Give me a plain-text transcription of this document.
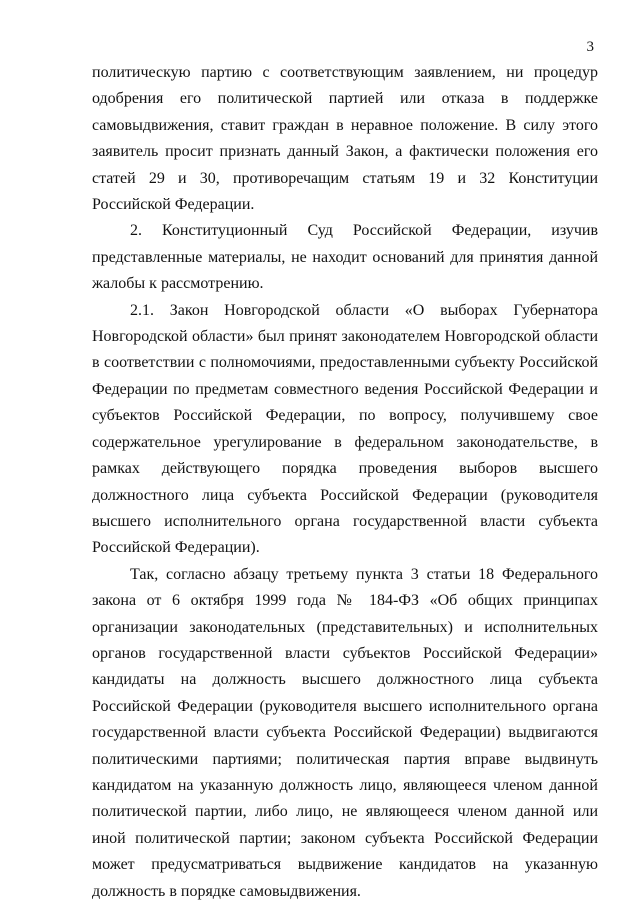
3

политическую партию с соответствующим заявлением, ни процедур одобрения его политической партией или отказа в поддержке самовыдвижения, ставит граждан в неравное положение. В силу этого заявитель просит признать данный Закон, а фактически положения его статей 29 и 30, противоречащим статьям 19 и 32 Конституции Российской Федерации.

2. Конституционный Суд Российской Федерации, изучив представленные материалы, не находит оснований для принятия данной жалобы к рассмотрению.

2.1. Закон Новгородской области «О выборах Губернатора Новгородской области» был принят законодателем Новгородской области в соответствии с полномочиями, предоставленными субъекту Российской Федерации по предметам совместного ведения Российской Федерации и субъектов Российской Федерации, по вопросу, получившему свое содержательное урегулирование в федеральном законодательстве, в рамках действующего порядка проведения выборов высшего должностного лица субъекта Российской Федерации (руководителя высшего исполнительного органа государственной власти субъекта Российской Федерации).

Так, согласно абзацу третьему пункта 3 статьи 18 Федерального закона от 6 октября 1999 года № 184-ФЗ «Об общих принципах организации законодательных (представительных) и исполнительных органов государственной власти субъектов Российской Федерации» кандидаты на должность высшего должностного лица субъекта Российской Федерации (руководителя высшего исполнительного органа государственной власти субъекта Российской Федерации) выдвигаются политическими партиями; политическая партия вправе выдвинуть кандидатом на указанную должность лицо, являющееся членом данной политической партии, либо лицо, не являющееся членом данной или иной политической партии; законом субъекта Российской Федерации может предусматриваться выдвижение кандидатов на указанную должность в порядке самовыдвижения.
